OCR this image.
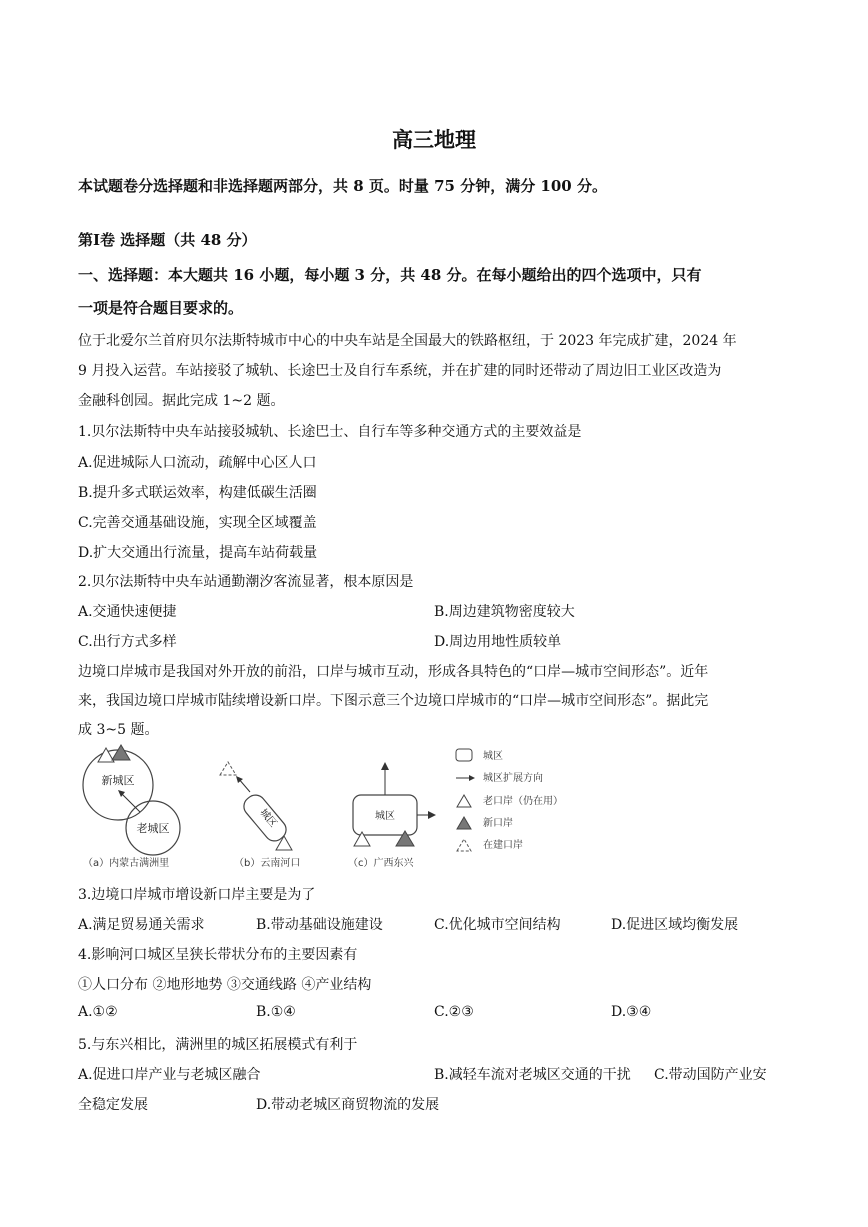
高三地理
本试题卷分选择题和非选择题两部分，共 8 页。时量 75 分钟，满分 100 分。
第Ⅰ卷 选择题（共 48 分）
一、选择题：本大题共 16 小题，每小题 3 分，共 48 分。在每小题给出的四个选项中，只有
一项是符合题目要求的。
位于北爱尔兰首府贝尔法斯特城市中心的中央车站是全国最大的铁路枢纽，于 2023 年完成扩建，2024 年
9 月投入运营。车站接驳了城轨、长途巴士及自行车系统，并在扩建的同时还带动了周边旧工业区改造为
金融科创园。据此完成 1~2 题。
1.贝尔法斯特中央车站接驳城轨、长途巴士、自行车等多种交通方式的主要效益是
A.促进城际人口流动，疏解中心区人口
B.提升多式联运效率，构建低碳生活圈
C.完善交通基础设施，实现全区域覆盖
D.扩大交通出行流量，提高车站荷载量
2.贝尔法斯特中央车站通勤潮汐客流显著，根本原因是
A.交通快速便捷	B.周边建筑物密度较大
C.出行方式多样	D.周边用地性质较单
边境口岸城市是我国对外开放的前沿，口岸与城市互动，形成各具特色的“口岸—城市空间形态”。近年
来，我国边境口岸城市陆续增设新口岸。下图示意三个边境口岸城市的“口岸—城市空间形态”。据此完
成 3~5 题。
新城区
老城区
（a）内蒙古满洲里
城区
（b）云南河口
城区
（c）广西东兴
城区
城区扩展方向
老口岸（仍在用）
新口岸
在建口岸
3.边境口岸城市增设新口岸主要是为了
A.满足贸易通关需求	B.带动基础设施建设	C.优化城市空间结构	D.促进区域均衡发展
4.影响河口城区呈狭长带状分布的主要因素有
①人口分布 ②地形地势 ③交通线路 ④产业结构
A.①②	B.①④	C.②③	D.③④
5.与东兴相比，满洲里的城区拓展模式有利于
A.促进口岸产业与老城区融合	B.减轻车流对老城区交通的干扰 C.带动国防产业安
全稳定发展	D.带动老城区商贸物流的发展
